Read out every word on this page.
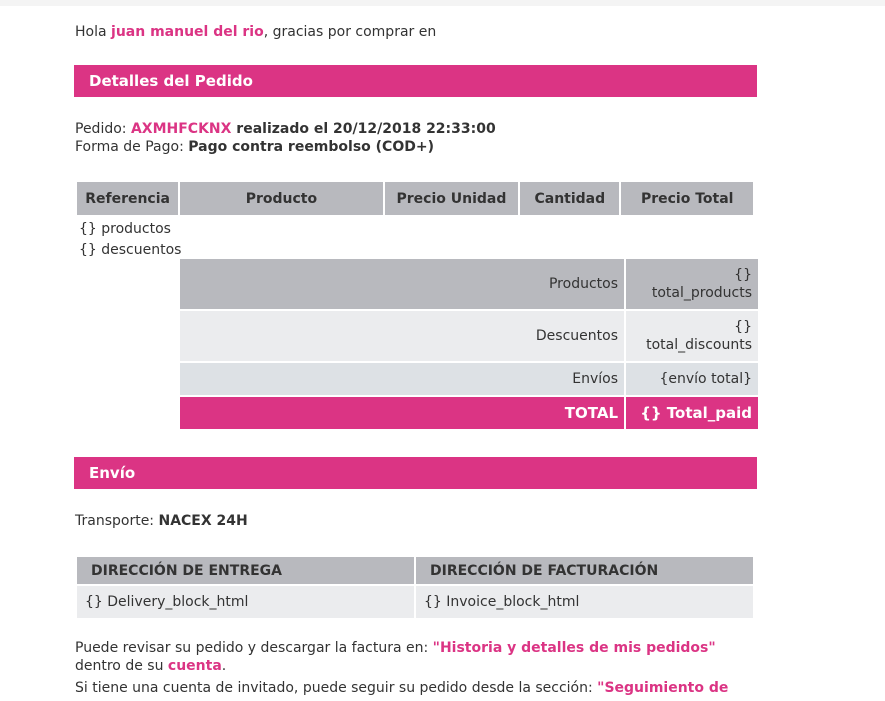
Hola juan manuel del rio, gracias por comprar en
Detalles del Pedido
Pedido: AXMHFCKNX realizado el 20/12/2018 22:33:00
Forma de Pago: Pago contra reembolso (COD+)
Referencia	Producto	Precio Unidad	Cantidad	Precio Total

{} productos
{} descuentos
Productos	{}
total_products

Descuentos	{}
total_discounts

Envíos	{envío total}
TOTAL	{} Total_paid
Envío
Transporte: NACEX 24H
DIRECCIÓN DE ENTREGA	DIRECCIÓN DE FACTURACIÓN
{} Delivery_block_html	{} Invoice_block_html
Puede revisar su pedido y descargar la factura en: "Historia y detalles de mis pedidos"
dentro de su cuenta.
Si tiene una cuenta de invitado, puede seguir su pedido desde la sección: "Seguimiento de
